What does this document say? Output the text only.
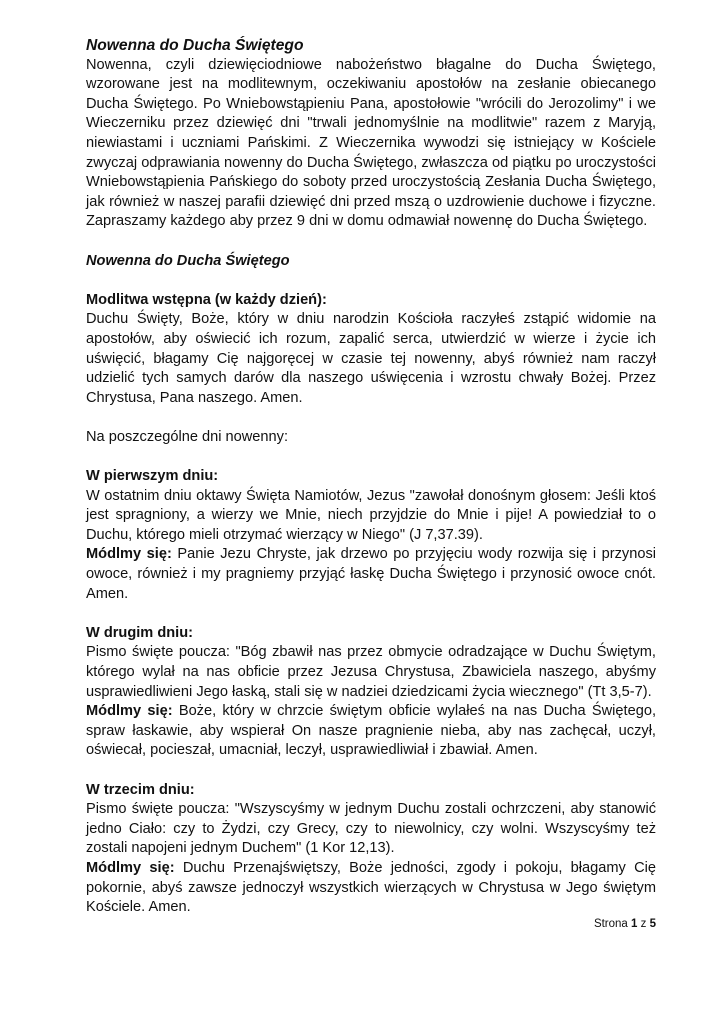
Nowenna do Ducha Świętego

Nowenna, czyli dziewięciodniowe nabożeństwo błagalne do Ducha Świętego, wzorowane jest na modlitewnym, oczekiwaniu apostołów na zesłanie obiecanego Ducha Świętego. Po Wniebowstąpieniu Pana, apostołowie "wrócili do Jerozolimy" i we Wieczerniku przez dziewięć dni "trwali jednomyślnie na modlitwie" razem z Maryją, niewiastami i uczniami Pańskimi. Z Wieczernika wywodzi się istniejący w Kościele zwyczaj odprawiania nowenny do Ducha Świętego, zwłaszcza od piątku po uroczystości Wniebowstąpienia Pańskiego do soboty przed uroczystością Zesłania Ducha Świętego, jak również w naszej parafii dziewięć dni przed mszą o uzdrowienie duchowe i fizyczne. Zapraszamy każdego aby przez 9 dni w domu odmawiał nowennę do Ducha Świętego.

Nowenna do Ducha Świętego

Modlitwa wstępna (w każdy dzień):

Duchu Święty, Boże, który w dniu narodzin Kościoła raczyłeś zstąpić widomie na apostołów, aby oświecić ich rozum, zapalić serca, utwierdzić w wierze i życie ich uświęcić, błagamy Cię najgoręcej w czasie tej nowenny, abyś również nam raczył udzielić tych samych darów dla naszego uświęcenia i wzrostu chwały Bożej. Przez Chrystusa, Pana naszego. Amen.

Na poszczególne dni nowenny:

W pierwszym dniu:

W ostatnim dniu oktawy Święta Namiotów, Jezus "zawołał donośnym głosem: Jeśli ktoś jest spragniony, a wierzy we Mnie, niech przyjdzie do Mnie i pije! A powiedział to o Duchu, którego mieli otrzymać wierzący w Niego" (J 7,37.39).

Módlmy się: Panie Jezu Chryste, jak drzewo po przyjęciu wody rozwija się i przynosi owoce, również i my pragniemy przyjąć łaskę Ducha Świętego i przynosić owoce cnót. Amen.

W drugim dniu:

Pismo święte poucza: "Bóg zbawił nas przez obmycie odradzające w Duchu Świętym, którego wylał na nas obficie przez Jezusa Chrystusa, Zbawiciela naszego, abyśmy usprawiedliwieni Jego łaską, stali się w nadziei dziedzicami życia wiecznego" (Tt 3,5-7).

Módlmy się: Boże, który w chrzcie świętym obficie wylałeś na nas Ducha Świętego, spraw łaskawie, aby wspierał On nasze pragnienie nieba, aby nas zachęcał, uczył, oświecał, pocieszał, umacniał, leczył, usprawiedliwiał i zbawiał. Amen.

W trzecim dniu:

Pismo święte poucza: "Wszyscyśmy w jednym Duchu zostali ochrzczeni, aby stanowić jedno Ciało: czy to Żydzi, czy Grecy, czy to niewolnicy, czy wolni. Wszyscyśmy też zostali napojeni jednym Duchem" (1 Kor 12,13).

Módlmy się: Duchu Przenajświętszy, Boże jedności, zgody i pokoju, błagamy Cię pokornie, abyś zawsze jednoczył wszystkich wierzących w Chrystusa w Jego świętym Kościele. Amen.

Strona 1 z 5
